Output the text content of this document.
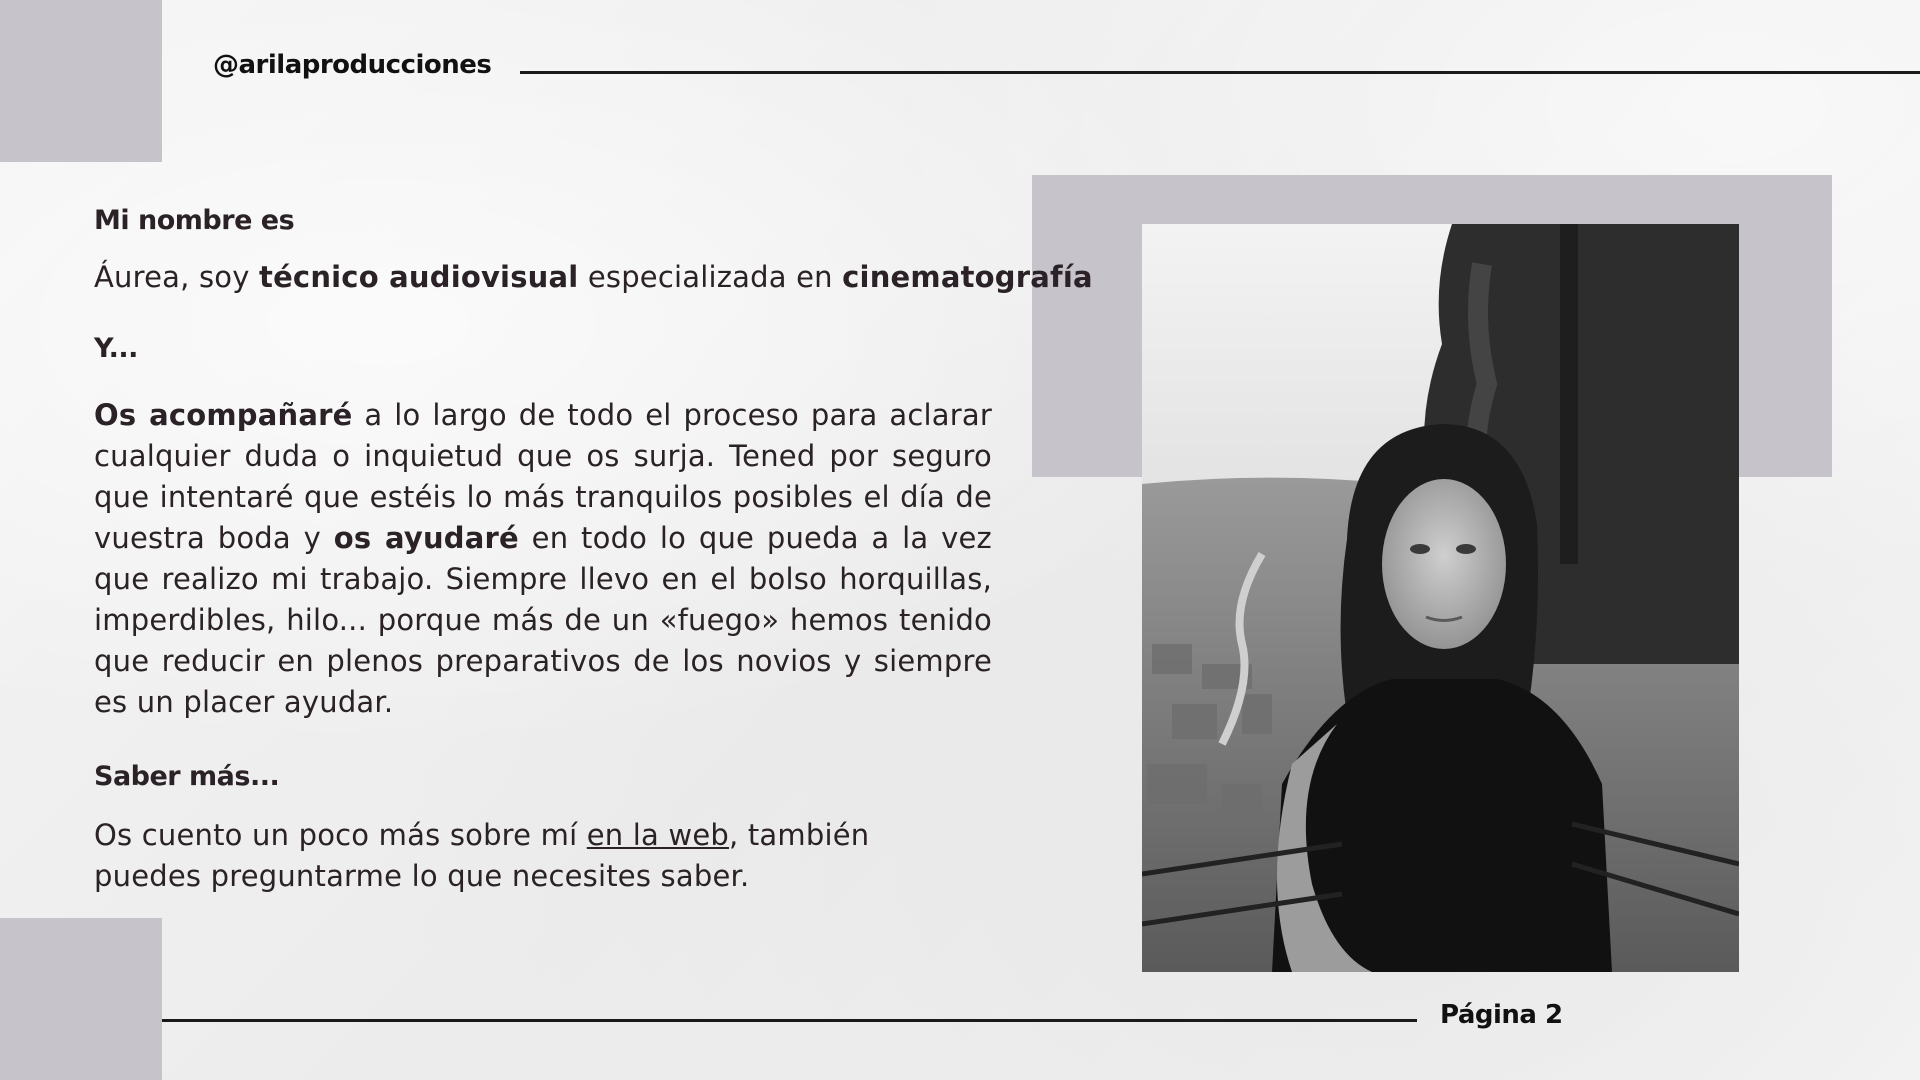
@arilaproducciones
Mi nombre es
Áurea, soy técnico audiovisual especializada en cinematografía
Y...
Os acompañaré a lo largo de todo el proceso para aclarar cualquier duda o inquietud que os surja. Tened por seguro que intentaré que estéis lo más tranquilos posibles el día de vuestra boda y os ayudaré en todo lo que pueda a la vez que realizo mi trabajo. Siempre llevo en el bolso horquillas, imperdibles, hilo... porque más de un «fuego» hemos tenido que reducir en plenos preparativos de los novios y siempre es un placer ayudar.
Saber más...
Os cuento un poco más sobre mí en la web, también puedes preguntarme lo que necesites saber.
Página 2
